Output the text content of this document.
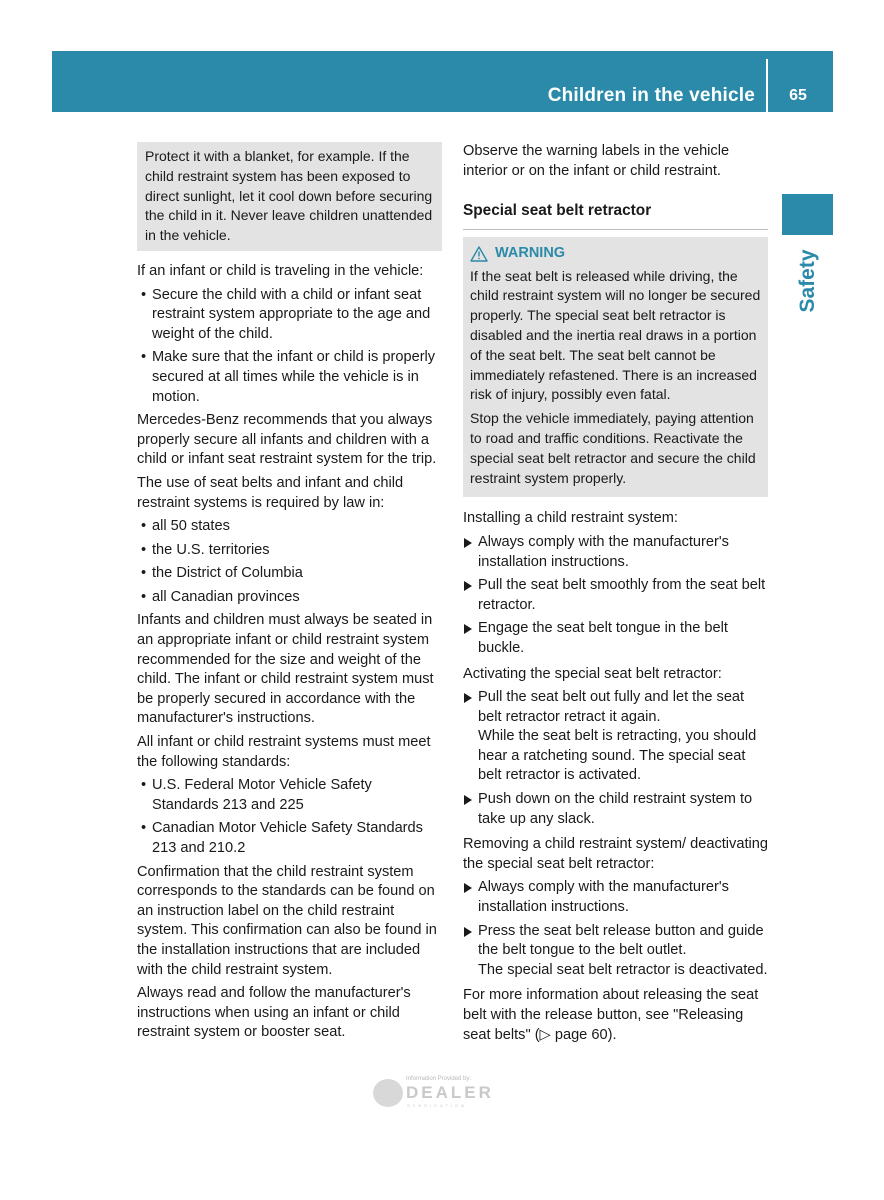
Children in the vehicle	65
Safety
Protect it with a blanket, for example. If the child restraint system has been exposed to direct sunlight, let it cool down before securing the child in it. Never leave children unattended in the vehicle.

If an infant or child is traveling in the vehicle:

• Secure the child with a child or infant seat restraint system appropriate to the age and weight of the child.
• Make sure that the infant or child is properly secured at all times while the vehicle is in motion.

Mercedes-Benz recommends that you always properly secure all infants and children with a child or infant seat restraint system for the trip.

The use of seat belts and infant and child restraint systems is required by law in:

• all 50 states
• the U.S. territories
• the District of Columbia
• all Canadian provinces

Infants and children must always be seated in an appropriate infant or child restraint system recommended for the size and weight of the child. The infant or child restraint system must be properly secured in accordance with the manufacturer's instructions.

All infant or child restraint systems must meet the following standards:

• U.S. Federal Motor Vehicle Safety Standards 213 and 225
• Canadian Motor Vehicle Safety Standards 213 and 210.2

Confirmation that the child restraint system corresponds to the standards can be found on an instruction label on the child restraint system. This confirmation can also be found in the installation instructions that are included with the child restraint system.

Always read and follow the manufacturer's instructions when using an infant or child restraint system or booster seat.

Observe the warning labels in the vehicle interior or on the infant or child restraint.

Special seat belt retractor
WARNING

If the seat belt is released while driving, the child restraint system will no longer be secured properly. The special seat belt retractor is disabled and the inertia real draws in a portion of the seat belt. The seat belt cannot be immediately refastened. There is an increased risk of injury, possibly even fatal.

Stop the vehicle immediately, paying attention to road and traffic conditions. Reactivate the special seat belt retractor and secure the child restraint system properly.

Installing a child restraint system:

Always comply with the manufacturer's installation instructions.
Pull the seat belt smoothly from the seat belt retractor.
Engage the seat belt tongue in the belt buckle.

Activating the special seat belt retractor:

Pull the seat belt out fully and let the seat belt retractor retract it again.
While the seat belt is retracting, you should hear a ratcheting sound. The special seat belt retractor is activated.
Push down on the child restraint system to take up any slack.

Removing a child restraint system/ deactivating the special seat belt retractor:

Always comply with the manufacturer's installation instructions.
Press the seat belt release button and guide the belt tongue to the belt outlet.
The special seat belt retractor is deactivated.

For more information about releasing the seat belt with the release button, see "Releasing seat belts" (▷ page 60).

Information Provided by:
DEALER
SYNDICATION
